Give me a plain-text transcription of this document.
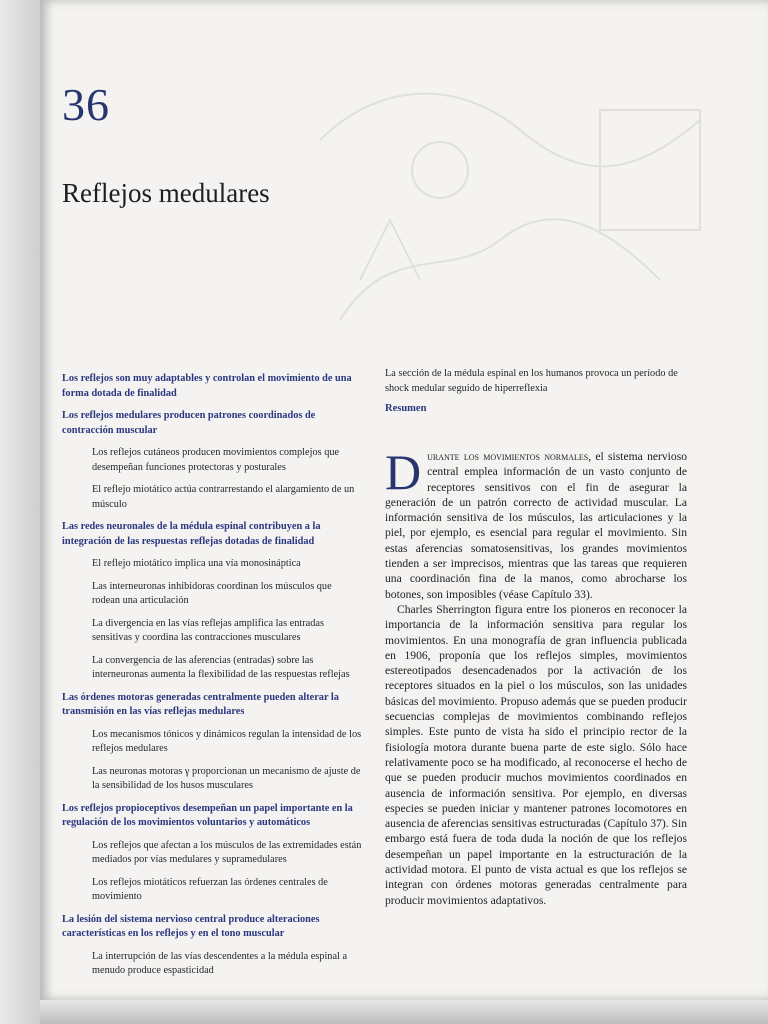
36
Reflejos medulares
Los reflejos son muy adaptables y controlan el movimiento de una forma dotada de finalidad
Los reflejos medulares producen patrones coordinados de contracción muscular
Los reflejos cutáneos producen movimientos complejos que desempeñan funciones protectoras y posturales
El reflejo miotático actúa contrarrestando el alargamiento de un músculo
Las redes neuronales de la médula espinal contribuyen a la integración de las respuestas reflejas dotadas de finalidad
El reflejo miotático implica una vía monosináptica
Las interneuronas inhibidoras coordinan los músculos que rodean una articulación
La divergencia en las vías reflejas amplifica las entradas sensitivas y coordina las contracciones musculares
La convergencia de las aferencias (entradas) sobre las interneuronas aumenta la flexibilidad de las respuestas reflejas
Las órdenes motoras generadas centralmente pueden alterar la transmisión en las vías reflejas medulares
Los mecanismos tónicos y dinámicos regulan la intensidad de los reflejos medulares
Las neuronas motoras γ proporcionan un mecanismo de ajuste de la sensibilidad de los husos musculares
Los reflejos propioceptivos desempeñan un papel importante en la regulación de los movimientos voluntarios y automáticos
Los reflejos que afectan a los músculos de las extremidades están mediados por vías medulares y supramedulares
Los reflejos miotáticos refuerzan las órdenes centrales de movimiento
La lesión del sistema nervioso central produce alteraciones características en los reflejos y en el tono muscular
La interrupción de las vías descendentes a la médula espinal a menudo produce espasticidad
La sección de la médula espinal en los humanos provoca un período de shock medular seguido de hiperreflexia
Resumen

Durante los movimientos normales, el sistema nervioso central emplea información de un vasto conjunto de receptores sensitivos con el fin de asegurar la generación de un patrón correcto de actividad muscular. La información sensitiva de los músculos, las articulaciones y la piel, por ejemplo, es esencial para regular el movimiento. Sin estas aferencias somatosensitivas, los grandes movimientos tienden a ser imprecisos, mientras que las tareas que requieren una coordinación fina de la manos, como abrocharse los botones, son imposibles (véase Capítulo 33).

Charles Sherrington figura entre los pioneros en reconocer la importancia de la información sensitiva para regular los movimientos. En una monografía de gran influencia publicada en 1906, proponía que los reflejos simples, movimientos estereotipados desencadenados por la activación de los receptores situados en la piel o los músculos, son las unidades básicas del movimiento. Propuso además que se pueden producir secuencias complejas de movimientos combinando reflejos simples. Este punto de vista ha sido el principio rector de la fisiología motora durante buena parte de este siglo. Sólo hace relativamente poco se ha modificado, al reconocerse el hecho de que se pueden producir muchos movimientos coordinados en ausencia de información sensitiva. Por ejemplo, en diversas especies se pueden iniciar y mantener patrones locomotores en ausencia de aferencias sensitivas estructuradas (Capítulo 37). Sin embargo está fuera de toda duda la noción de que los reflejos desempeñan un papel importante en la estructuración de la actividad motora. El punto de vista actual es que los reflejos se integran con órdenes motoras generadas centralmente para producir movimientos adaptativos.
